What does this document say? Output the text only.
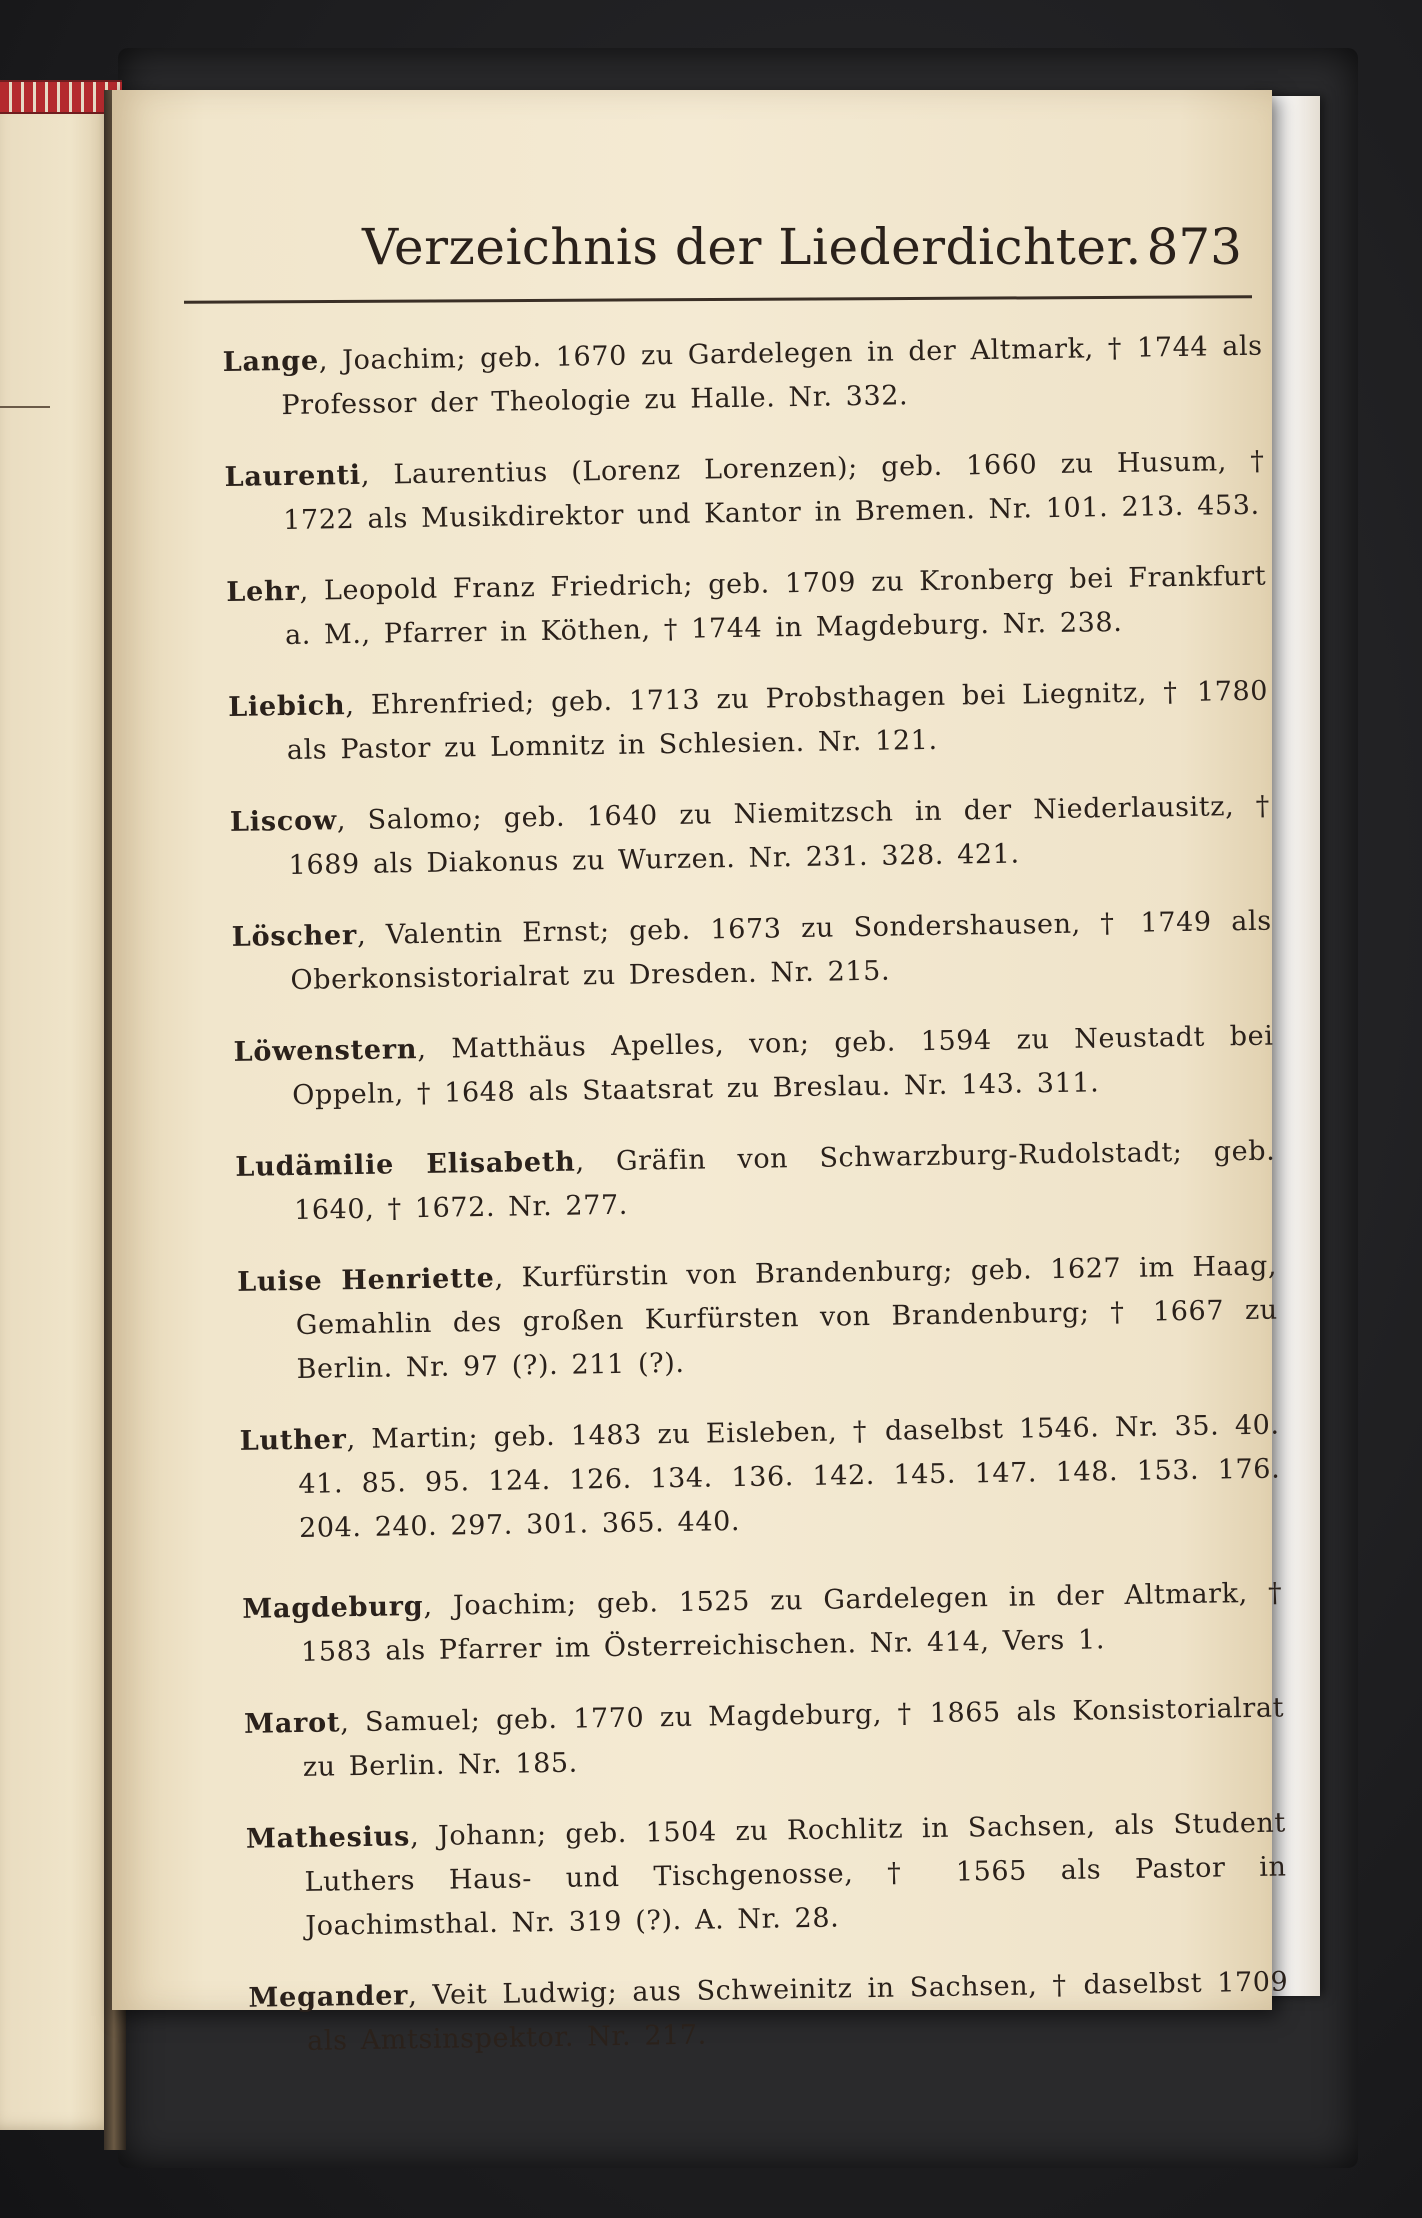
Verzeichnis der Liederdichter. 873

Lange, Joachim; geb. 1670 zu Gardelegen in der Altmark, † 1744 als Professor der Theologie zu Halle. Nr. 332.

Laurenti, Laurentius (Lorenz Lorenzen); geb. 1660 zu Husum, † 1722 als Musikdirektor und Kantor in Bremen. Nr. 101. 213. 453.

Lehr, Leopold Franz Friedrich; geb. 1709 zu Kronberg bei Frankfurt a. M., Pfarrer in Köthen, † 1744 in Magdeburg. Nr. 238.

Liebich, Ehrenfried; geb. 1713 zu Probsthagen bei Liegnitz, † 1780 als Pastor zu Lomnitz in Schlesien. Nr. 121.

Liscow, Salomo; geb. 1640 zu Niemitzsch in der Niederlausitz, † 1689 als Diakonus zu Wurzen. Nr. 231. 328. 421.

Löscher, Valentin Ernst; geb. 1673 zu Sondershausen, † 1749 als Oberkonsistorialrat zu Dresden. Nr. 215.

Löwenstern, Matthäus Apelles, von; geb. 1594 zu Neustadt bei Oppeln, † 1648 als Staatsrat zu Breslau. Nr. 143. 311.

Ludämilie Elisabeth, Gräfin von Schwarzburg-Rudolstadt; geb. 1640, † 1672. Nr. 277.

Luise Henriette, Kurfürstin von Brandenburg; geb. 1627 im Haag, Gemahlin des großen Kurfürsten von Brandenburg; † 1667 zu Berlin. Nr. 97 (?). 211 (?).

Luther, Martin; geb. 1483 zu Eisleben, † daselbst 1546. Nr. 35. 40. 41. 85. 95. 124. 126. 134. 136. 142. 145. 147. 148. 153. 176. 204. 240. 297. 301. 365. 440.

Magdeburg, Joachim; geb. 1525 zu Gardelegen in der Altmark, † 1583 als Pfarrer im Österreichischen. Nr. 414, Vers 1.

Marot, Samuel; geb. 1770 zu Magdeburg, † 1865 als Konsistorialrat zu Berlin. Nr. 185.

Mathesius, Johann; geb. 1504 zu Rochlitz in Sachsen, als Student Luthers Haus- und Tischgenosse, † 1565 als Pastor in Joachimsthal. Nr. 319 (?). A. Nr. 28.

Megander, Veit Ludwig; aus Schweinitz in Sachsen, † daselbst 1709 als Amtsinspektor. Nr. 217.
